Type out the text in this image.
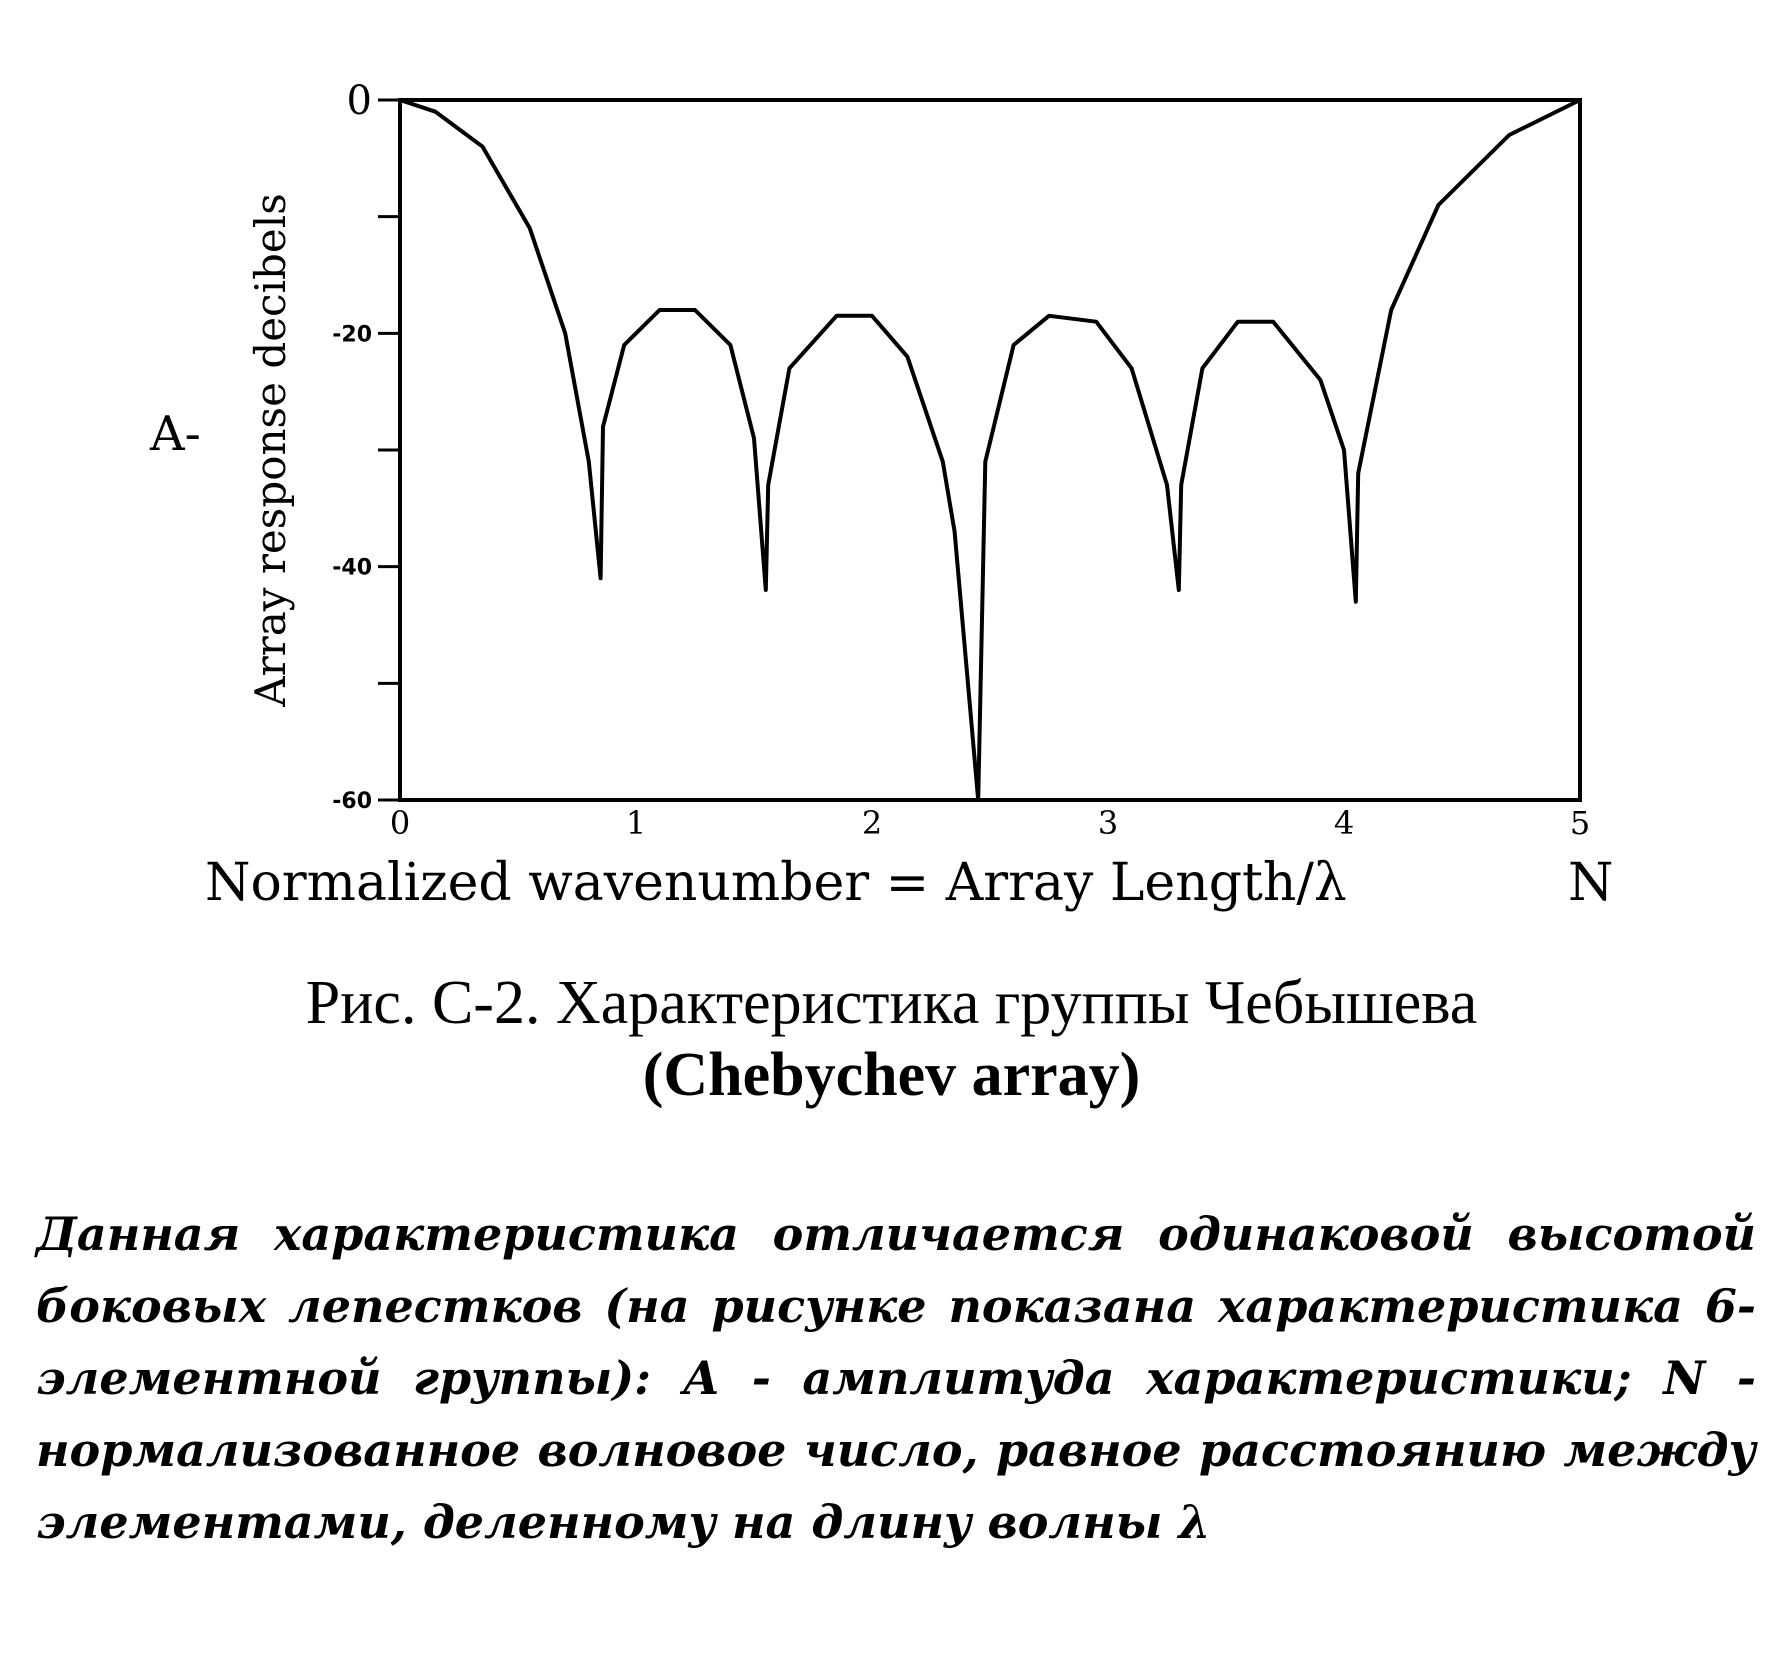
0
-20
-40
-60
0	1	2	3	4	5
Array response decibels
A-
Normalized wavenumber = Array Length/λ	N
Рис. С-2. Характеристика группы Чебышева
(Chebychev array)
Данная характеристика отличается одинаковой высотой боковых лепестков (на рисунке показана характеристика 6-элементной группы): А - амплитуда характеристики; N - нормализованное волновое число, равное расстоянию между элементами, деленному на длину волны λ
